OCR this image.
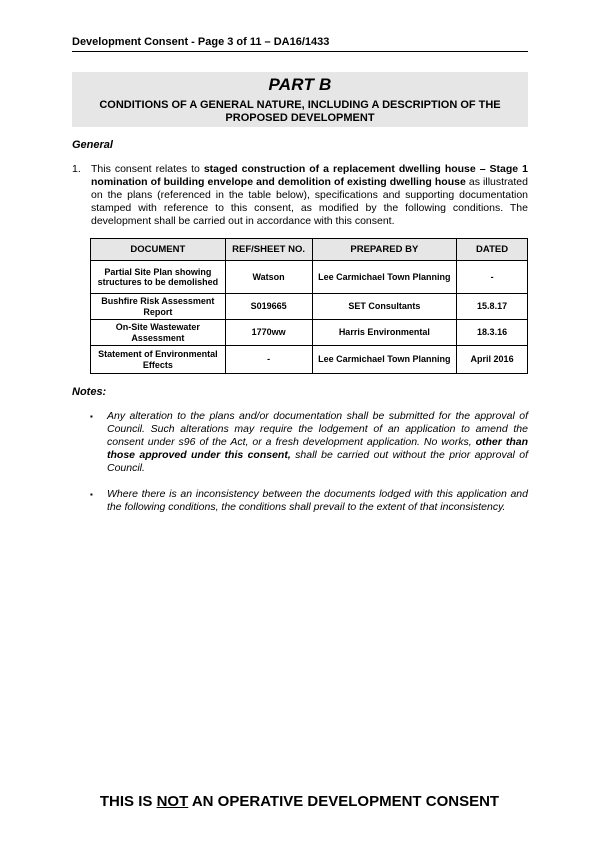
Development Consent - Page 3 of 11 – DA16/1433
PART B
CONDITIONS OF A GENERAL NATURE, INCLUDING A DESCRIPTION OF THE PROPOSED DEVELOPMENT
General
1. This consent relates to staged construction of a replacement dwelling house – Stage 1 nomination of building envelope and demolition of existing dwelling house as illustrated on the plans (referenced in the table below), specifications and supporting documentation stamped with reference to this consent, as modified by the following conditions. The development shall be carried out in accordance with this consent.
DOCUMENT	REF/SHEET NO.	PREPARED BY	DATED
Partial Site Plan showing structures to be demolished	Watson	Lee Carmichael Town Planning	-
Bushfire Risk Assessment Report	S019665	SET Consultants	15.8.17
On-Site Wastewater Assessment	1770ww	Harris Environmental	18.3.16
Statement of Environmental Effects	-	Lee Carmichael Town Planning	April 2016
Notes:
▪ Any alteration to the plans and/or documentation shall be submitted for the approval of Council. Such alterations may require the lodgement of an application to amend the consent under s96 of the Act, or a fresh development application. No works, other than those approved under this consent, shall be carried out without the prior approval of Council.
▪ Where there is an inconsistency between the documents lodged with this application and the following conditions, the conditions shall prevail to the extent of that inconsistency.
THIS IS NOT AN OPERATIVE DEVELOPMENT CONSENT
